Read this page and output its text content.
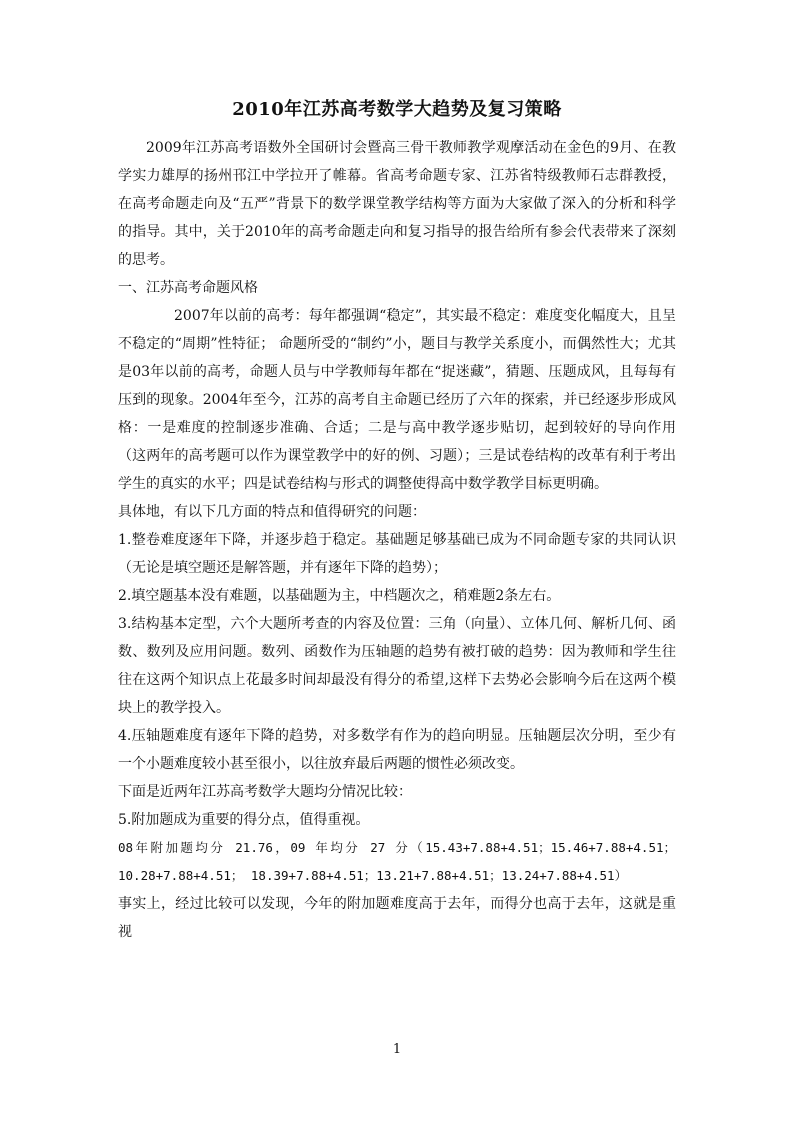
2010年江苏高考数学大趋势及复习策略

2009年江苏高考语数外全国研讨会暨高三骨干教师教学观摩活动在金色的9月、在教学实力雄厚的扬州邗江中学拉开了帷幕。省高考命题专家、江苏省特级教师石志群教授，在高考命题走向及“五严”背景下的数学课堂教学结构等方面为大家做了深入的分析和科学的指导。其中，关于2010年的高考命题走向和复习指导的报告给所有参会代表带来了深刻的思考。

一、江苏高考命题风格

2007年以前的高考：每年都强调“稳定”，其实最不稳定：难度变化幅度大，且呈不稳定的“周期”性特征； 命题所受的“制约”小，题目与教学关系度小，而偶然性大；尤其是03年以前的高考，命题人员与中学教师每年都在“捉迷藏”，猜题、压题成风，且每每有压到的现象。2004年至今，江苏的高考自主命题已经历了六年的探索，并已经逐步形成风格：一是难度的控制逐步准确、合适；二是与高中教学逐步贴切，起到较好的导向作用（这两年的高考题可以作为课堂教学中的好的例、习题）；三是试卷结构的改革有利于考出学生的真实的水平；四是试卷结构与形式的调整使得高中数学教学目标更明确。

具体地，有以下几方面的特点和值得研究的问题：

1.整卷难度逐年下降，并逐步趋于稳定。基础题足够基础已成为不同命题专家的共同认识（无论是填空题还是解答题，并有逐年下降的趋势）；

2.填空题基本没有难题，以基础题为主，中档题次之，稍难题2条左右。

3.结构基本定型，六个大题所考查的内容及位置：三角（向量）、立体几何、解析几何、函数、数列及应用问题。数列、函数作为压轴题的趋势有被打破的趋势：因为教师和学生往往在这两个知识点上花最多时间却最没有得分的希望,这样下去势必会影响今后在这两个模块上的教学投入。

4.压轴题难度有逐年下降的趋势，对多数学有作为的趋向明显。压轴题层次分明，至少有一个小题难度较小甚至很小，以往放弃最后两题的惯性必须改变。

下面是近两年江苏高考数学大题均分情况比较：

5.附加题成为重要的得分点，值得重视。

08年附加题均分 21.76，09 年均分 27 分（15.43+7.88+4.51；15.46+7.88+4.51；10.28+7.88+4.51； 18.39+7.88+4.51；13.21+7.88+4.51；13.24+7.88+4.51）

事实上，经过比较可以发现，今年的附加题难度高于去年，而得分也高于去年，这就是重视

1
